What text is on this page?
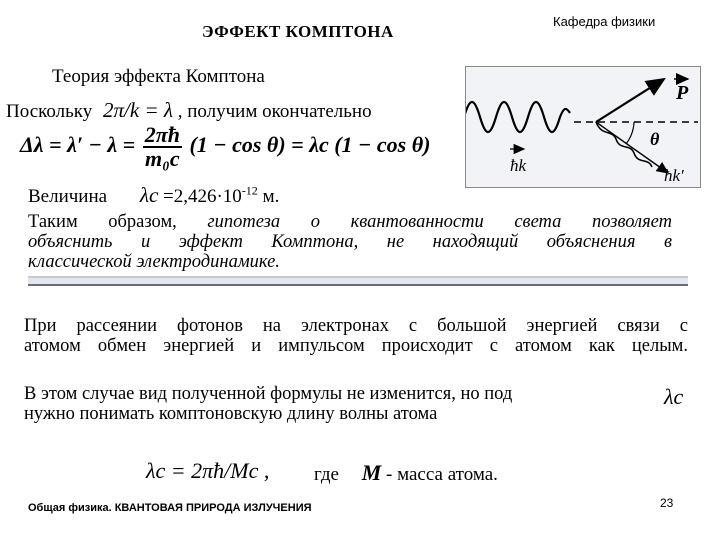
ЭФФЕКТ КОМПТОНА
Кафедра физики
Теория эффекта Комптона
Поскольку 2π/k = λ , получим окончательно
$\Delta\lambda = \lambda' - \lambda = \frac{2\pi ħ}{\text{m₀c}} (1 - \cos \theta) = \lambda c$ (1 − cos θ)
P
θ
ħk
ħk′
Величина $\lambda c =2,426\cdot 10^{-12}$ м.
Таким образом, гипотеза о квантованности света позволяет
объяснить и эффект Комптона, не находящий объяснения в
классической электродинамике.
При рассеянии фотонов на электронах с большой энергией связи с
атомом обмен энергией и импульсом происходит с атомом как целым.
В этом случае вид полученной формулы не изменится, но под
нужно понимать комптоновскую длину волны атома
λc
λc = 2πħ/Mc , где M - масса атома.
Общая физика. КВАНТОВАЯ ПРИРОДА ИЗЛУЧЕНИЯ	23
